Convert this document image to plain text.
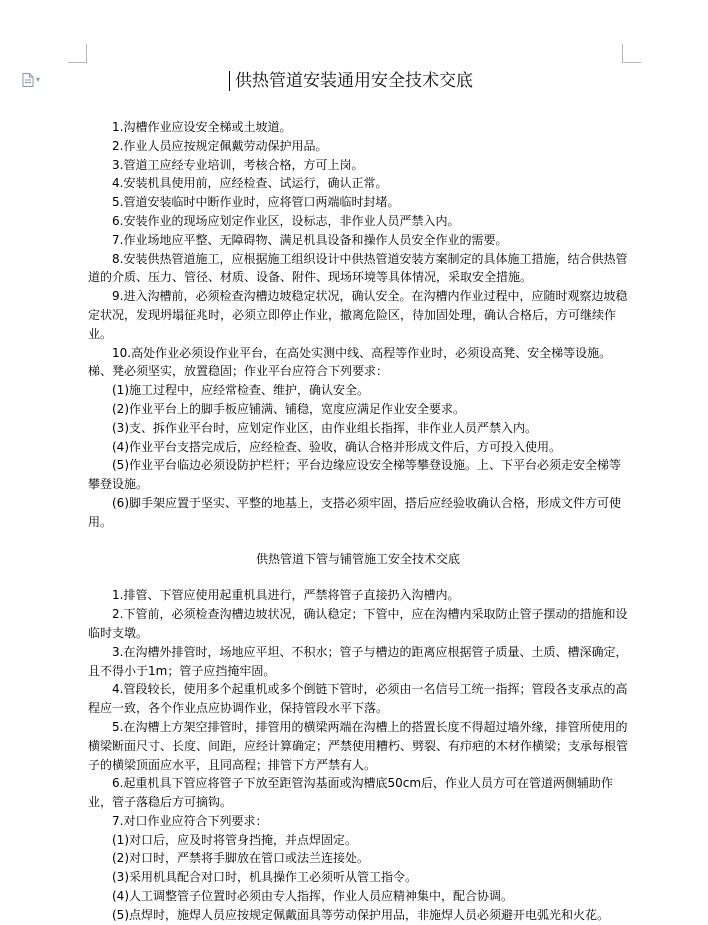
▾	供热管道安装通用安全技术交底

1.沟槽作业应设安全梯或土坡道。

2.作业人员应按规定佩戴劳动保护用品。

3.管道工应经专业培训，考核合格，方可上岗。

4.安装机具使用前，应经检查、试运行，确认正常。

5.管道安装临时中断作业时，应将管口两端临时封堵。

6.安装作业的现场应划定作业区，设标志，非作业人员严禁入内。

7.作业场地应平整、无障碍物、满足机具设备和操作人员安全作业的需要。

8.安装供热管道施工，应根据施工组织设计中供热管道安装方案制定的具体施工措施，结合供热管道的介质、压力、管径、材质、设备、附件、现场环境等具体情况，采取安全措施。

9.进入沟槽前，必须检查沟槽边坡稳定状况，确认安全。在沟槽内作业过程中，应随时观察边坡稳定状况，发现坍塌征兆时，必须立即停止作业，撤离危险区，待加固处理，确认合格后，方可继续作业。

10.高处作业必须设作业平台，在高处实测中线、高程等作业时，必须设高凳、安全梯等设施。梯、凳必须坚实，放置稳固；作业平台应符合下列要求：

(1)施工过程中，应经常检查、维护，确认安全。

(2)作业平台上的脚手板应铺满、铺稳，宽度应满足作业安全要求。

(3)支、拆作业平台时，应划定作业区，由作业组长指挥，非作业人员严禁入内。

(4)作业平台支搭完成后，应经检查、验收，确认合格并形成文件后，方可投入使用。

(5)作业平台临边必须设防护栏杆；平台边缘应设安全梯等攀登设施。上、下平台必须走安全梯等攀登设施。

(6)脚手架应置于坚实、平整的地基上，支搭必须牢固，搭后应经验收确认合格，形成文件方可使用。

供热管道下管与铺管施工安全技术交底

1.排管、下管应使用起重机具进行，严禁将管子直接扔入沟槽内。

2.下管前，必须检查沟槽边坡状况，确认稳定；下管中，应在沟槽内采取防止管子摆动的措施和设临时支墩。

3.在沟槽外排管时，场地应平坦、不积水；管子与槽边的距离应根据管子质量、土质、槽深确定，且不得小于1m；管子应挡掩牢固。

4.管段较长，使用多个起重机或多个倒链下管时，必须由一名信号工统一指挥；管段各支承点的高程应一致，各个作业点应协调作业，保持管段水平下落。

5.在沟槽上方架空排管时，排管用的横梁两端在沟槽上的搭置长度不得超过墙外缘，排管所使用的横梁断面尺寸、长度、间距，应经计算确定；严禁使用糟朽、劈裂、有疖疤的木材作横梁；支承每根管子的横梁顶面应水平，且同高程；排管下方严禁有人。

6.起重机具下管应将管子下放至距管沟基面或沟槽底50cm后，作业人员方可在管道两侧辅助作业，管子落稳后方可摘钩。

7.对口作业应符合下列要求：

(1)对口后，应及时将管身挡掩，并点焊固定。

(2)对口时，严禁将手脚放在管口或法兰连接处。

(3)采用机具配合对口时，机具操作工必须听从管工指令。

(4)人工调整管子位置时必须由专人指挥，作业人员应精神集中，配合协调。

(5)点焊时，施焊人员应按规定佩戴面具等劳动保护用品，非施焊人员必须避开电弧光和火花。
